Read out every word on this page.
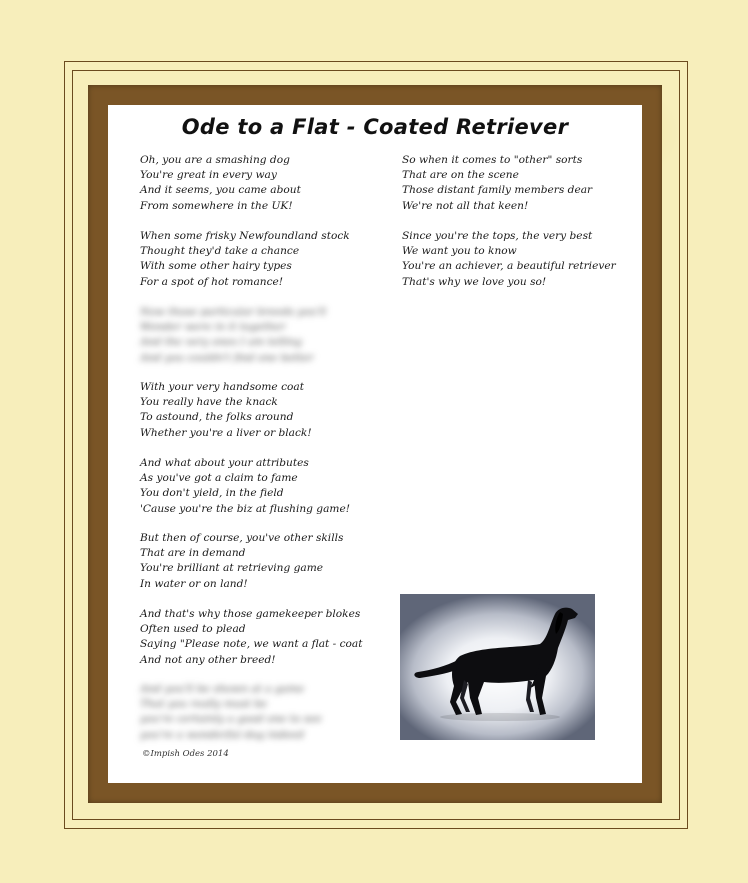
Ode to a Flat - Coated Retriever
Oh, you are a smashing dog
You're great in every way
And it seems, you came about
From somewhere in the UK!
When some frisky Newfoundland stock
Thought they'd take a chance
With some other hairy types
For a spot of hot romance!
Now those particular breeds you'll
Wonder were in it together
And the very ones I am telling
And you couldn't find one better
With your very handsome coat
You really have the knack
To astound, the folks around
Whether you're a liver or black!
And what about your attributes
As you've got a claim to fame
You don't yield, in the field
'Cause you're the biz at flushing game!
But then of course, you've other skills
That are in demand
You're brilliant at retrieving game
In water or on land!
And that's why those gamekeeper blokes
Often used to plead
Saying "Please note, we want a flat - coat
And not any other breed!
And you'll be shown at a game
That you really must be
you're certainly a good one to see
you're a wonderful dog indeed
So when it comes to "other" sorts
That are on the scene
Those distant family members dear
We're not all that keen!
Since you're the tops, the very best
We want you to know
You're an achiever, a beautiful retriever
That's why we love you so!
©Impish Odes 2014
